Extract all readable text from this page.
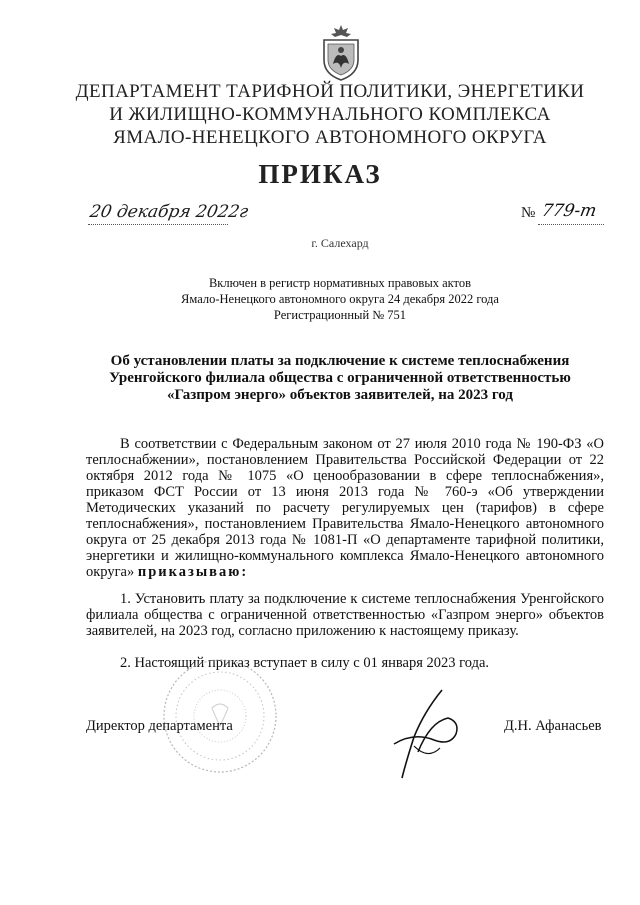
ДЕПАРТАМЕНТ ТАРИФНОЙ ПОЛИТИКИ, ЭНЕРГЕТИКИ
И ЖИЛИЩНО-КОММУНАЛЬНОГО КОМПЛЕКСА
ЯМАЛО-НЕНЕЦКОГО АВТОНОМНОГО ОКРУГА
ПРИКАЗ
20 декабря 2022г	№ 779-т
г. Салехард
Включен в регистр нормативных правовых актов
Ямало-Ненецкого автономного округа 24 декабря 2022 года
Регистрационный № 751
Об установлении платы за подключение к системе теплоснабжения
Уренгойского филиала общества с ограниченной ответственностью
«Газпром энерго» объектов заявителей, на 2023 год
В соответствии с Федеральным законом от 27 июля 2010 года № 190-ФЗ «О теплоснабжении», постановлением Правительства Российской Федерации от 22 октября 2012 года № 1075 «О ценообразовании в сфере теплоснабжения», приказом ФСТ России от 13 июня 2013 года № 760-э «Об утверждении Методических указаний по расчету регулируемых цен (тарифов) в сфере теплоснабжения», постановлением Правительства Ямало-Ненецкого автономного округа от 25 декабря 2013 года № 1081-П «О департаменте тарифной политики, энергетики и жилищно-коммунального комплекса Ямало-Ненецкого автономного округа» приказываю:
1. Установить плату за подключение к системе теплоснабжения Уренгойского филиала общества с ограниченной ответственностью «Газпром энерго» объектов заявителей, на 2023 год, согласно приложению к настоящему приказу.
2. Настоящий приказ вступает в силу с 01 января 2023 года.
Директор департамента	Д.Н. Афанасьев
